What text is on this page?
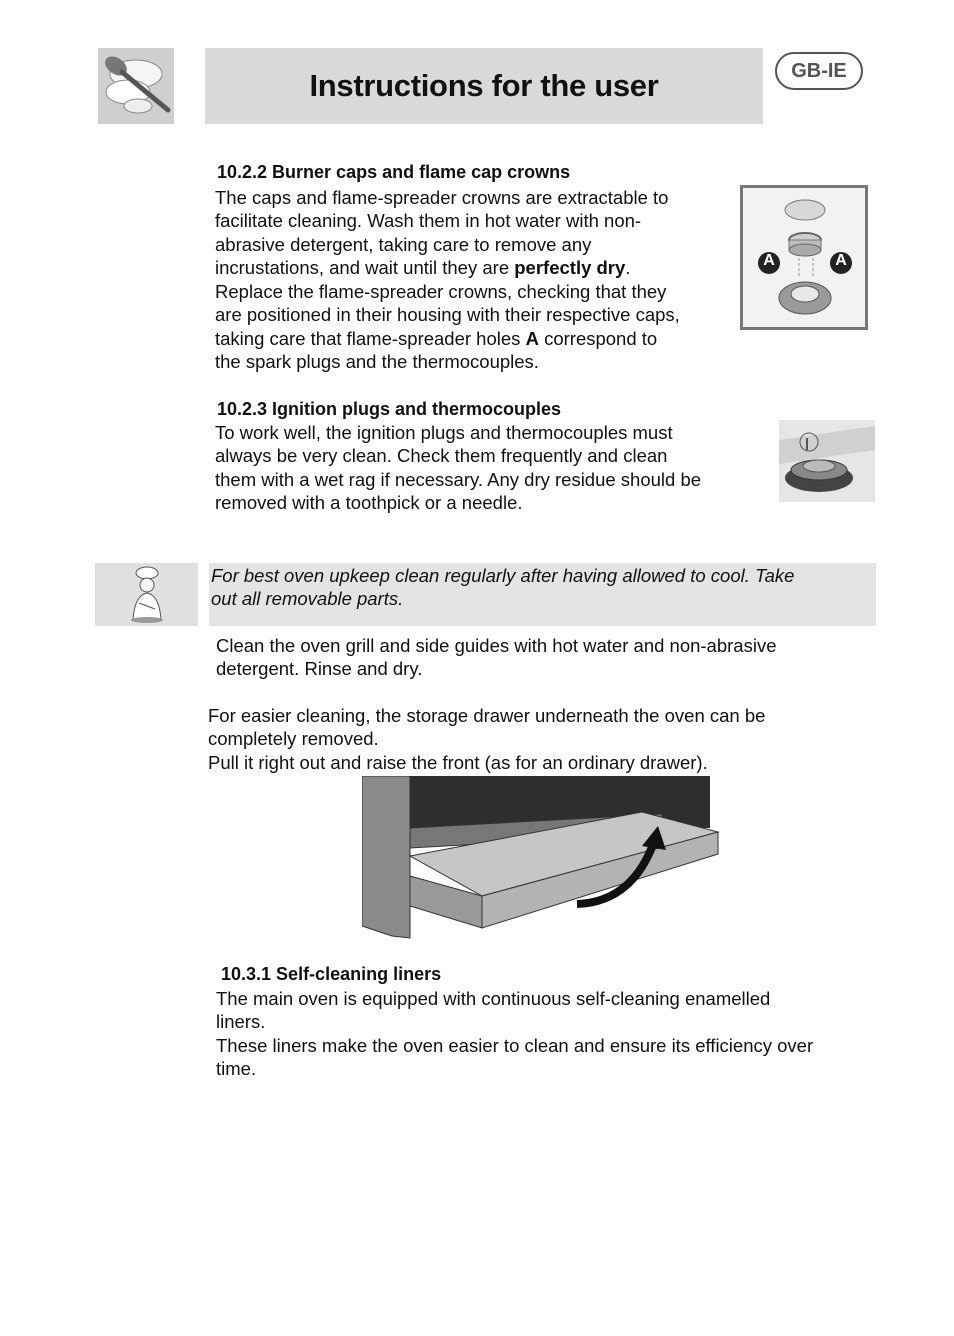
Instructions for the user	GB-IE
10.2.2 Burner caps and flame cap crowns
The caps and flame-spreader crowns are extractable to
facilitate cleaning. Wash them in hot water with non-
abrasive detergent, taking care to remove any
incrustations, and wait until they are perfectly dry.
Replace the flame-spreader crowns, checking that they
are positioned in their housing with their respective caps,
taking care that flame-spreader holes A correspond to
the spark plugs and the thermocouples.
A	A
10.2.3 Ignition plugs and thermocouples
To work well, the ignition plugs and thermocouples must
always be very clean. Check them frequently and clean
them with a wet rag if necessary. Any dry residue should be
removed with a toothpick or a needle.
For best oven upkeep clean regularly after having allowed to cool. Take
out all removable parts.
Clean the oven grill and side guides with hot water and non-abrasive
detergent. Rinse and dry.
For easier cleaning, the storage drawer underneath the oven can be
completely removed.
Pull it right out and raise the front (as for an ordinary drawer).
10.3.1 Self-cleaning liners
The main oven is equipped with continuous self-cleaning enamelled
liners.
These liners make the oven easier to clean and ensure its efficiency over
time.
